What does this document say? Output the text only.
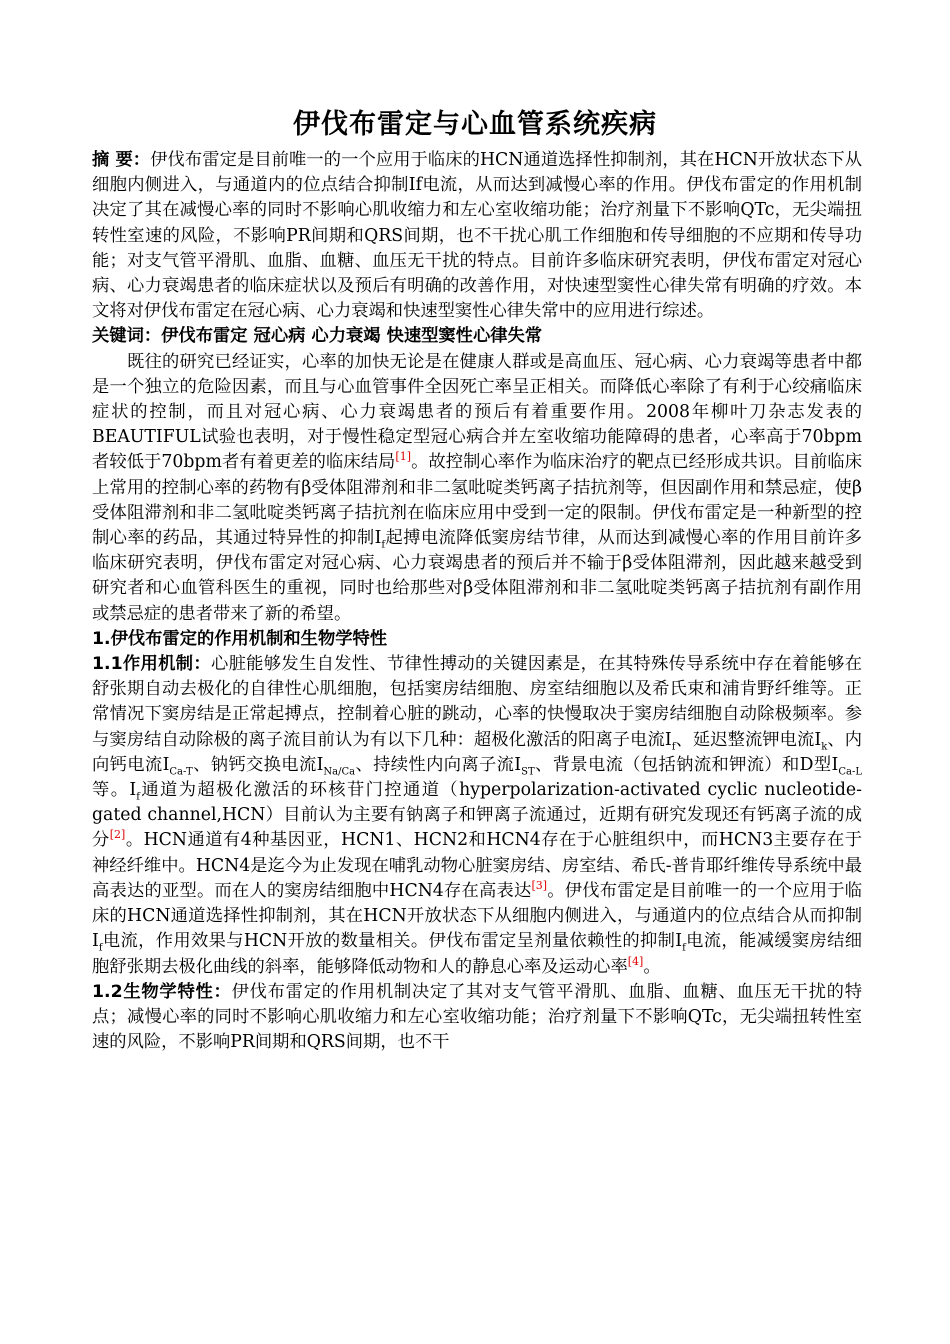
伊伐布雷定与心血管系统疾病

摘 要：伊伐布雷定是目前唯一的一个应用于临床的HCN通道选择性抑制剂，其在HCN开放状态下从细胞内侧进入，与通道内的位点结合抑制If电流，从而达到减慢心率的作用。伊伐布雷定的作用机制决定了其在减慢心率的同时不影响心肌收缩力和左心室收缩功能；治疗剂量下不影响QTc，无尖端扭转性室速的风险，不影响PR间期和QRS间期，也不干扰心肌工作细胞和传导细胞的不应期和传导功能；对支气管平滑肌、血脂、血糖、血压无干扰的特点。目前许多临床研究表明，伊伐布雷定对冠心病、心力衰竭患者的临床症状以及预后有明确的改善作用，对快速型窦性心律失常有明确的疗效。本文将对伊伐布雷定在冠心病、心力衰竭和快速型窦性心律失常中的应用进行综述。

关键词：伊伐布雷定 冠心病 心力衰竭 快速型窦性心律失常

既往的研究已经证实，心率的加快无论是在健康人群或是高血压、冠心病、心力衰竭等患者中都是一个独立的危险因素，而且与心血管事件全因死亡率呈正相关。而降低心率除了有利于心绞痛临床症状的控制，而且对冠心病、心力衰竭患者的预后有着重要作用。2008年柳叶刀杂志发表的BEAUTIFUL试验也表明，对于慢性稳定型冠心病合并左室收缩功能障碍的患者，心率高于70bpm者较低于70bpm者有着更差的临床结局[1]。故控制心率作为临床治疗的靶点已经形成共识。目前临床上常用的控制心率的药物有β受体阻滞剂和非二氢吡啶类钙离子拮抗剂等，但因副作用和禁忌症，使β受体阻滞剂和非二氢吡啶类钙离子拮抗剂在临床应用中受到一定的限制。伊伐布雷定是一种新型的控制心率的药品，其通过特异性的抑制$I_f$起搏电流降低窦房结节律，从而达到减慢心率的作用目前许多临床研究表明，伊伐布雷定对冠心病、心力衰竭患者的预后并不输于β受体阻滞剂，因此越来越受到研究者和心血管科医生的重视，同时也给那些对β受体阻滞剂和非二氢吡啶类钙离子拮抗剂有副作用或禁忌症的患者带来了新的希望。

1.伊伐布雷定的作用机制和生物学特性

1.1作用机制：心脏能够发生自发性、节律性搏动的关键因素是，在其特殊传导系统中存在着能够在舒张期自动去极化的自律性心肌细胞，包括窦房结细胞、房室结细胞以及希氏束和浦肯野纤维等。正常情况下窦房结是正常起搏点，控制着心脏的跳动，心率的快慢取决于窦房结细胞自动除极频率。参与窦房结自动除极的离子流目前认为有以下几种：超极化激活的阳离子电流$I_f$、延迟整流钾电流$I_k$、内向钙电流$I_{Ca-T}$、钠钙交换电流$I_{Na/Ca}$、持续性内向离子流$I_{ST}$、背景电流（包括钠流和钾流）和D型$I_{Ca-L}$等。$I_f$通道为超极化激活的环核苷门控通道（hyperpolarization-activated cyclic nucleotide-gated channel,HCN）目前认为主要有钠离子和钾离子流通过，近期有研究发现还有钙离子流的成分[2]。HCN通道有4种基因亚，HCN1、HCN2和HCN4存在于心脏组织中，而HCN3主要存在于神经纤维中。HCN4是迄今为止发现在哺乳动物心脏窦房结、房室结、希氏-普肯耶纤维传导系统中最高表达的亚型。而在人的窦房结细胞中HCN4存在高表达[3]。伊伐布雷定是目前唯一的一个应用于临床的HCN通道选择性抑制剂，其在HCN开放状态下从细胞内侧进入，与通道内的位点结合从而抑制$I_f$电流，作用效果与HCN开放的数量相关。伊伐布雷定呈剂量依赖性的抑制$I_f$电流，能减缓窦房结细胞舒张期去极化曲线的斜率，能够降低动物和人的静息心率及运动心率[4]。

1.2生物学特性：伊伐布雷定的作用机制决定了其对支气管平滑肌、血脂、血糖、血压无干扰的特点；减慢心率的同时不影响心肌收缩力和左心室收缩功能；治疗剂量下不影响QTc，无尖端扭转性室速的风险，不影响PR间期和QRS间期，也不干
